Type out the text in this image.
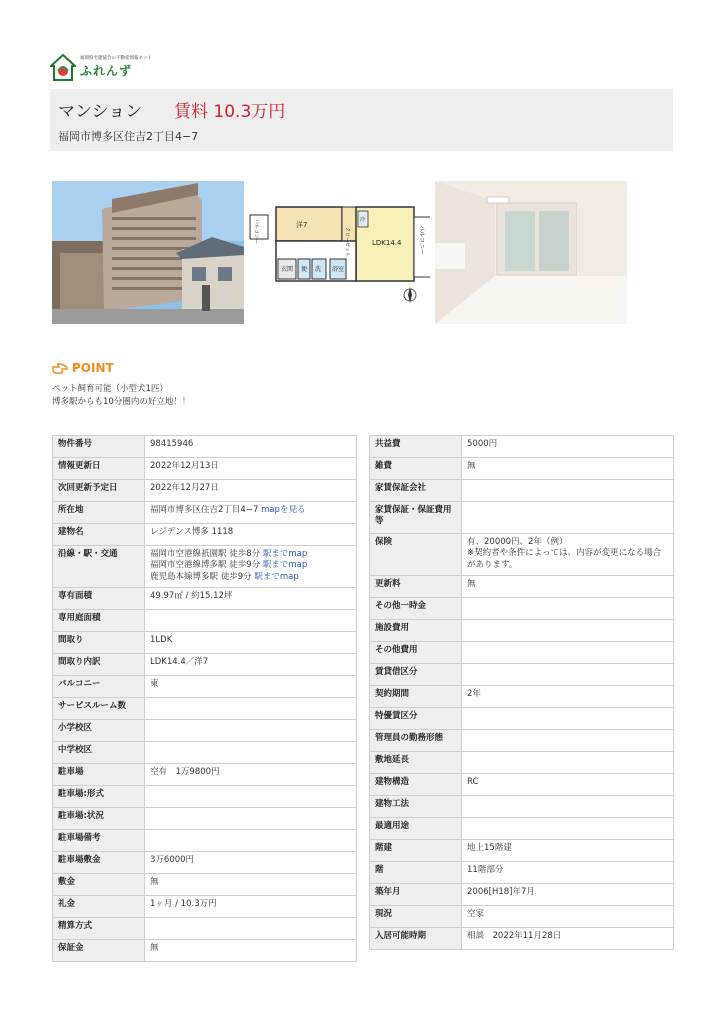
福岡県宅建協会の不動産情報ネット
ふれんず
マンション 賃料 10.3万円
福岡市博多区住吉2丁目4−7
洋7
LDK14.4
玄関 便 洗 浴室
冷
クローゼット	バルコニー
バルコニー
POINT
ペット飼育可能（小型犬1匹）
博多駅からも10分圏内の好立地！！
物件番号	98415946
情報更新日	2022年12月13日
次回更新予定日	2022年12月27日
所在地	福岡市博多区住吉2丁目4−7 mapを見る
建物名	レジデンス博多 1118
沿線・駅・交通	福岡市空港線祇園駅 徒歩8分 駅までmap
福岡市空港線博多駅 徒歩9分 駅までmap
鹿児島本線博多駅 徒歩9分 駅までmap

専有面積	49.97㎡ / 約15.12坪
専用庭面積	
間取り	1LDK
間取り内訳	LDK14.4／洋7
バルコニー	東
サービスルーム数	
小学校区	
中学校区	
駐車場	空有　1万9800円
駐車場:形式	
駐車場:状況	
駐車場備考	
駐車場敷金	3万6000円
敷金	無
礼金	1ヶ月 / 10.3万円
精算方式	
保証金	無
共益費	5000円
雑費	無
家賃保証会社	
家賃保証・保証費用等	
保険	有、20000円、2年（例）
※契約者や条件によっては、内容が変更になる場合があります。

更新料	無
その他一時金	
施設費用	
その他費用	
賃貸借区分	
契約期間	2年
特優賃区分	
管理員の勤務形態	
敷地延長	
建物構造	RC
建物工法	
最適用途	
階建	地上15階建
階	11階部分
築年月	2006[H18]年7月
現況	空家
入居可能時期	相談　2022年11月28日
